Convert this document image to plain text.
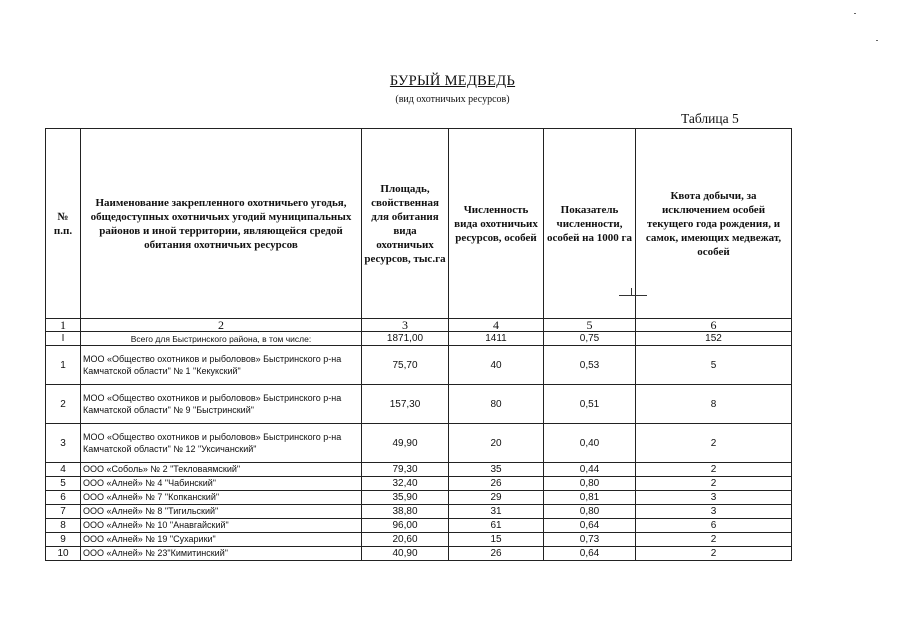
БУРЫЙ МЕДВЕДЬ
(вид охотничьих ресурсов)
Таблица 5
№ п.п.	Наименование закрепленного охотничьего угодья, общедоступных охотничьих угодий муниципальных районов и иной территории, являющейся средой обитания охотничьих ресурсов	Площадь, свойственная для обитания вида охотничьих ресурсов, тыс.га	Численность вида охотничьих ресурсов, особей	Показатель численности, особей на 1000 га	Квота добычи, за исключением особей текущего года рождения, и самок, имеющих медвежат, особей
1	2	3	4	5	6
I	Всего для Быстринского района, в том числе:	1871,00	1411	0,75	152
1	МОО «Общество охотников и рыболовов» Быстринского р-на Камчатской области" № 1 "Кекукский"	75,70	40	0,53	5
2	МОО «Общество охотников и рыболовов» Быстринского р-на Камчатской области" № 9 "Быстринский"	157,30	80	0,51	8
3	МОО «Общество охотников и рыболовов» Быстринского р-на Камчатской области" № 12 "Уксичанский"	49,90	20	0,40	2
4	ООО «Соболь» № 2 "Текловаямский"	79,30	35	0,44	2
5	ООО «Алней» № 4 "Чабинский"	32,40	26	0,80	2
6	ООО «Алней» № 7 "Копканский"	35,90	29	0,81	3
7	ООО «Алней» № 8 "Тигильский"	38,80	31	0,80	3
8	ООО «Алней» № 10 "Анавгайский"	96,00	61	0,64	6
9	ООО «Алней» № 19 "Сухарики"	20,60	15	0,73	2
10	ООО «Алней» № 23"Кимитинский"	40,90	26	0,64	2
